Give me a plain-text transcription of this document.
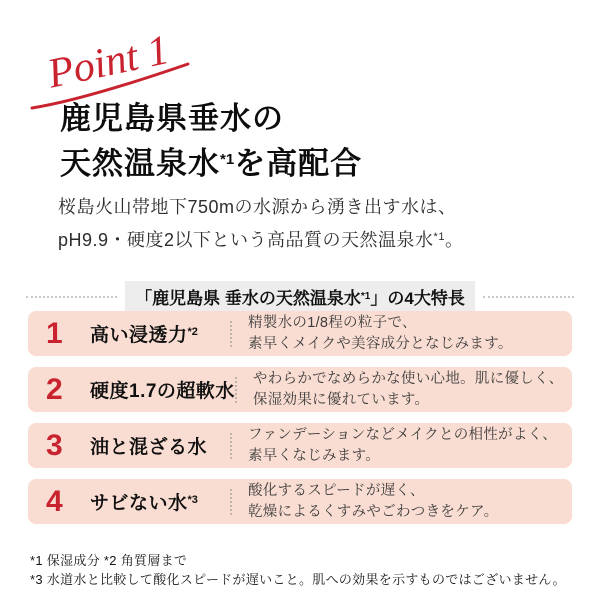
Point 1
鹿児島県垂水の
天然温泉水$^{*1}$を高配合

桜島火山帯地下750mの水源から湧き出す水は、
pH9.9・硬度2以下という高品質の天然温泉水$^{*1}$。

「鹿児島県 垂水の天然温泉水$^{*1}$」の4大特長
1	高い浸透力$^{*2}$
精製水の1/8程の粒子で、
素早くメイクや美容成分となじみます。
2	硬度1.7の超軟水
やわらかでなめらかな使い心地。肌に優しく、
保湿効果に優れています。
3	油と混ざる水
ファンデーションなどメイクとの相性がよく、
素早くなじみます。
4	サビない水$^{*3}$
酸化するスピードが遅く、
乾燥によるくすみやごわつきをケア。
*1 保湿成分 *2 角質層まで
*3 水道水と比較して酸化スピードが遅いこと。肌への効果を示すものではございません。
